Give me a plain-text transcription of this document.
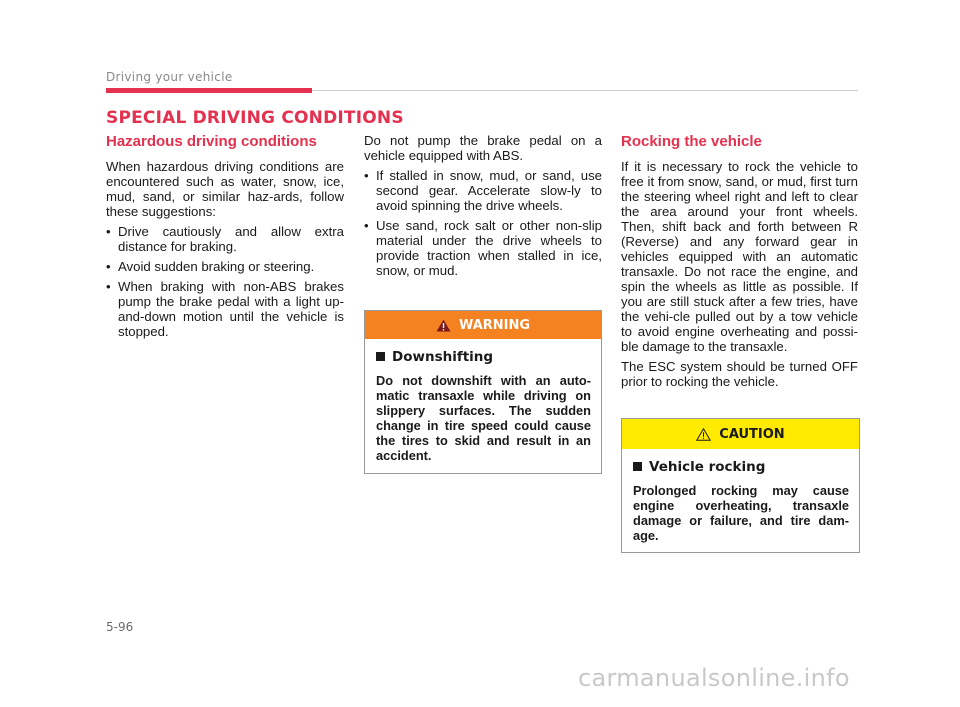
Driving your vehicle
SPECIAL DRIVING CONDITIONS
Hazardous driving conditions

When hazardous driving conditions are encountered such as water, snow, ice, mud, sand, or similar haz-ards, follow these suggestions:

• Drive cautiously and allow extra distance for braking.
• Avoid sudden braking or steering.
• When braking with non-ABS brakes pump the brake pedal with a light up-and-down motion until the vehicle is stopped.

Do not pump the brake pedal on a vehicle equipped with ABS.

• If stalled in snow, mud, or sand, use second gear. Accelerate slow-ly to avoid spinning the drive wheels.
• Use sand, rock salt or other non-slip material under the drive wheels to provide traction when stalled in ice, snow, or mud.
WARNING
Downshifting
Do not downshift with an auto-matic transaxle while driving on slippery surfaces. The sudden change in tire speed could cause the tires to skid and result in an accident.
Rocking the vehicle

If it is necessary to rock the vehicle to free it from snow, sand, or mud, first turn the steering wheel right and left to clear the area around your front wheels. Then, shift back and forth between R (Reverse) and any forward gear in vehicles equipped with an automatic transaxle. Do not race the engine, and spin the wheels as little as possible. If you are still stuck after a few tries, have the vehi-cle pulled out by a tow vehicle to avoid engine overheating and possi-ble damage to the transaxle.

The ESC system should be turned OFF prior to rocking the vehicle.

CAUTION
Vehicle rocking
Prolonged rocking may cause engine overheating, transaxle damage or failure, and tire dam-age.
5-96
carmanualsonline.info
